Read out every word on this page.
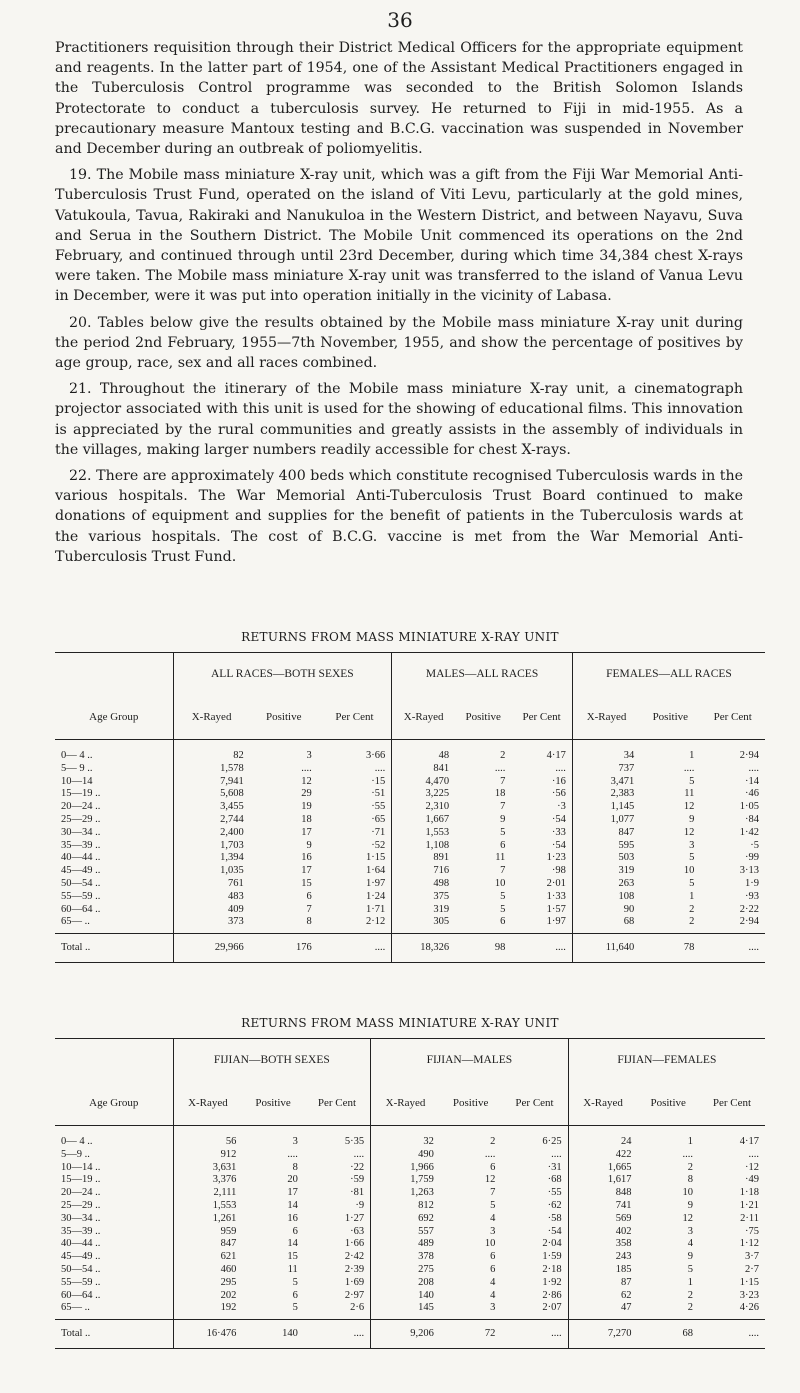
36

Practitioners requisition through their District Medical Officers for the appropriate equipment and reagents. In the latter part of 1954, one of the Assistant Medical Practitioners engaged in the Tuberculosis Control programme was seconded to the British Solomon Islands Protectorate to conduct a tuberculosis survey. He returned to Fiji in mid-1955. As a precautionary measure Mantoux testing and B.C.G. vaccination was suspended in November and December during an outbreak of poliomyelitis.

19. The Mobile mass miniature X-ray unit, which was a gift from the Fiji War Memorial Anti-Tuberculosis Trust Fund, operated on the island of Viti Levu, particularly at the gold mines, Vatukoula, Tavua, Rakiraki and Nanukuloa in the Western District, and between Nayavu, Suva and Serua in the Southern District. The Mobile Unit commenced its operations on the 2nd February, and continued through until 23rd December, during which time 34,384 chest X-rays were taken. The Mobile mass miniature X-ray unit was transferred to the island of Vanua Levu in December, were it was put into operation initially in the vicinity of Labasa.

20. Tables below give the results obtained by the Mobile mass miniature X-ray unit during the period 2nd February, 1955—7th November, 1955, and show the percentage of positives by age group, race, sex and all races combined.

21. Throughout the itinerary of the Mobile mass miniature X-ray unit, a cinematograph projector associated with this unit is used for the showing of educational films. This innovation is appreciated by the rural communities and greatly assists in the assembly of individuals in the villages, making larger numbers readily accessible for chest X-rays.

22. There are approximately 400 beds which constitute recognised Tuberculosis wards in the various hospitals. The War Memorial Anti-Tuberculosis Trust Board continued to make donations of equipment and supplies for the benefit of patients in the Tuberculosis wards at the various hospitals. The cost of B.C.G. vaccine is met from the War Memorial Anti-Tuberculosis Trust Fund.

RETURNS FROM MASS MINIATURE X-RAY UNIT
	ALL RACES—BOTH SEXES			MALES—ALL RACES			FEMALES—ALL RACES		
Age Group	X-Rayed	Positive	Per Cent	X-Rayed	Positive	Per Cent	X-Rayed	Positive	Per Cent
0— 4 ..	82	3	3·66	48	2	4·17	34	1	2·94
5— 9 ..	1,578	....	....	841	....	....	737	....	....
10—14	7,941	12	·15	4,470	7	·16	3,471	5	·14
15—19 ..	5,608	29	·51	3,225	18	·56	2,383	11	·46
20—24 ..	3,455	19	·55	2,310	7	·3	1,145	12	1·05
25—29 ..	2,744	18	·65	1,667	9	·54	1,077	9	·84
30—34 ..	2,400	17	·71	1,553	5	·33	847	12	1·42
35—39 ..	1,703	9	·52	1,108	6	·54	595	3	·5
40—44 ..	1,394	16	1·15	891	11	1·23	503	5	·99
45—49 ..	1,035	17	1·64	716	7	·98	319	10	3·13
50—54 ..	761	15	1·97	498	10	2·01	263	5	1·9
55—59 ..	483	6	1·24	375	5	1·33	108	1	·93
60—64 ..	409	7	1·71	319	5	1·57	90	2	2·22
65— ..	373	8	2·12	305	6	1·97	68	2	2·94
Total ..	29,966	176	....	18,326	98	....	11,640	78	....
RETURNS FROM MASS MINIATURE X-RAY UNIT
	FIJIAN—BOTH SEXES			FIJIAN—MALES			FIJIAN—FEMALES		
Age Group	X-Rayed	Positive	Per Cent	X-Rayed	Positive	Per Cent	X-Rayed	Positive	Per Cent
0— 4 ..	56	3	5·35	32	2	6·25	24	1	4·17
5—9 ..	912	....	....	490	....	....	422	....	....
10—14 ..	3,631	8	·22	1,966	6	·31	1,665	2	·12
15—19 ..	3,376	20	·59	1,759	12	·68	1,617	8	·49
20—24 ..	2,111	17	·81	1,263	7	·55	848	10	1·18
25—29 ..	1,553	14	·9	812	5	·62	741	9	1·21
30—34 ..	1,261	16	1·27	692	4	·58	569	12	2·11
35—39 ..	959	6	·63	557	3	·54	402	3	·75
40—44 ..	847	14	1·66	489	10	2·04	358	4	1·12
45—49 ..	621	15	2·42	378	6	1·59	243	9	3·7
50—54 ..	460	11	2·39	275	6	2·18	185	5	2·7
55—59 ..	295	5	1·69	208	4	1·92	87	1	1·15
60—64 ..	202	6	2·97	140	4	2·86	62	2	3·23
65— ..	192	5	2·6	145	3	2·07	47	2	4·26
Total ..	16·476	140	....	9,206	72	....	7,270	68	....
